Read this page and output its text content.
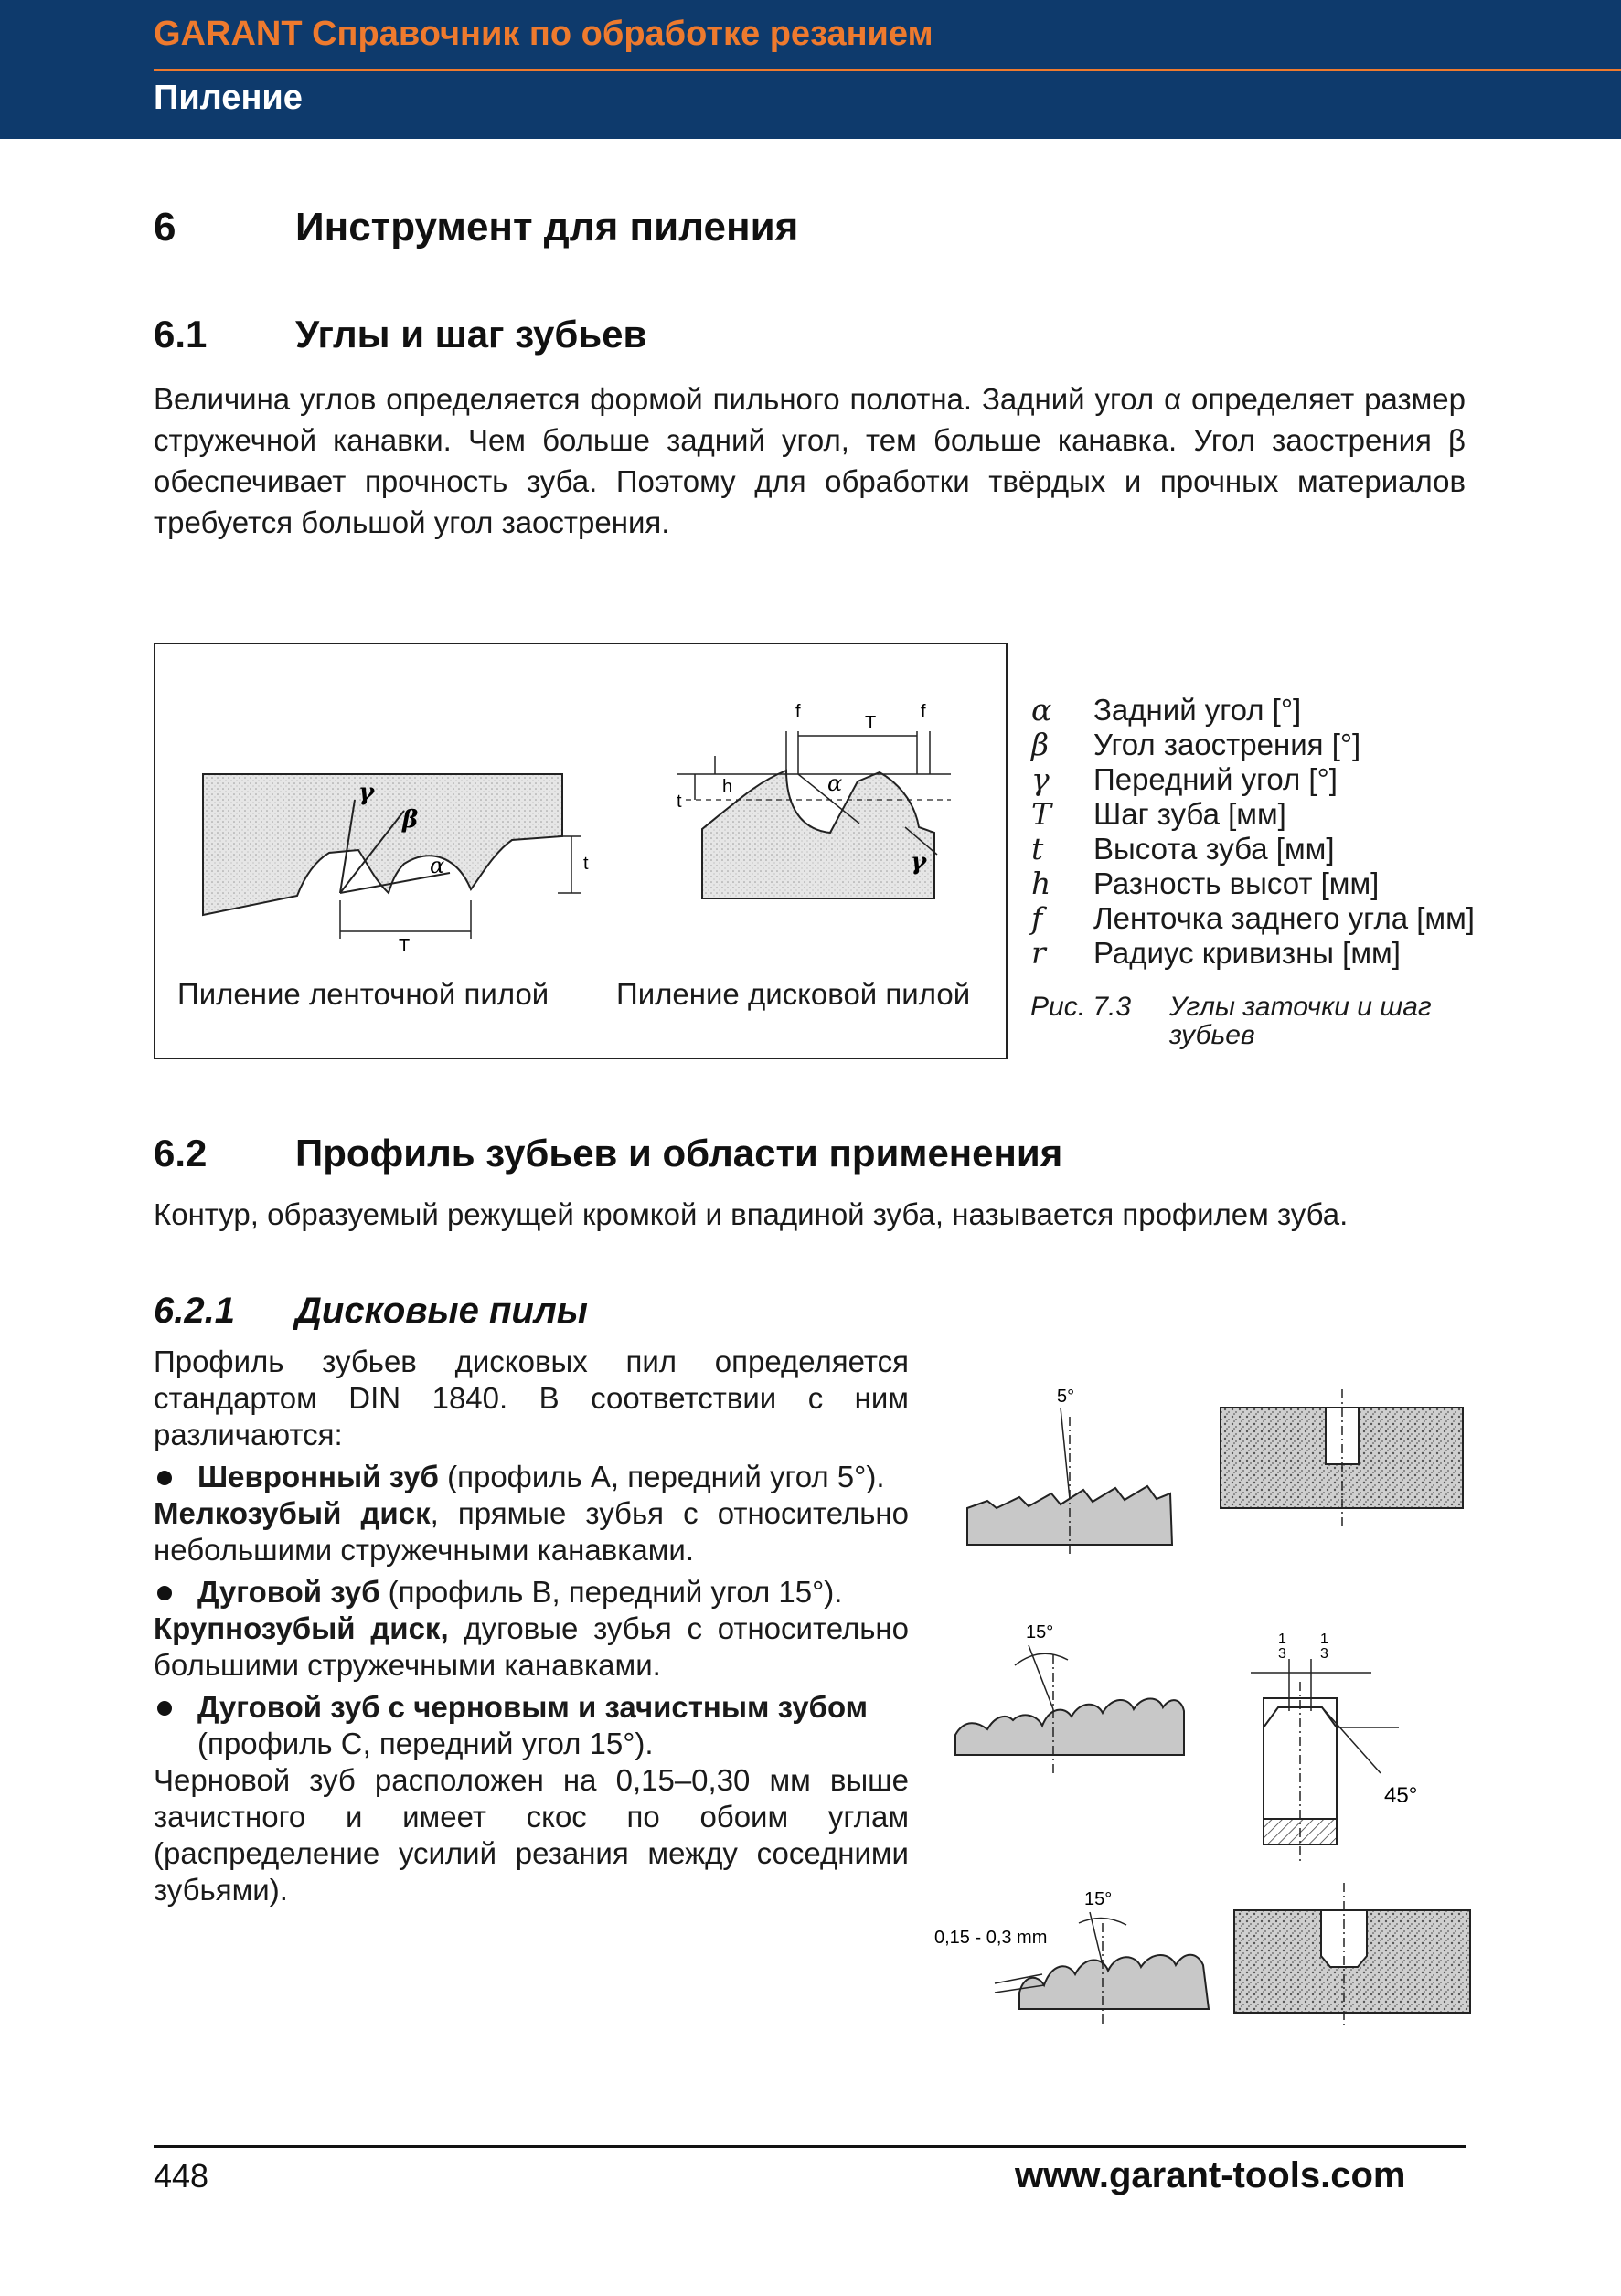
GARANT Справочник по обработке резанием
Пиление
6	Инструмент для пиления
6.1 Углы и шаг зубьев
Величина углов определяется формой пильного полотна. Задний угол α определяет размер стружечной канавки. Чем больше задний угол, тем больше канавка. Угол заострения β обеспечивает прочность зуба. Поэтому для обработки твёрдых и прочных материалов требуется большой угол заострения.
γ
β
α
T
t
f	f
T
h
t
α
γ
Пиление ленточной пилой Пиление дисковой пилой
α Задний угол [°]
β Угол заострения [°]
γ Передний угол [°]
T Шаг зуба [мм]
t Высота зуба [мм]
h Разность высот [мм]
f Ленточка заднего угла [мм]
r Радиус кривизны [мм]
Рис. 7.3 Углы заточки и шаг
зубьев
6.2 Профиль зубьев и области применения
Контур, образуемый режущей кромкой и впадиной зуба, называется профилем зуба.
6.2.1 Дисковые пилы

Профиль зубьев дисковых пил определяется стандартом DIN 1840. В соответствии с ним различаются:

Шевронный зуб (профиль A, передний угол 5°).

Мелкозубый диск, прямые зубья с относительно небольшими стружечными канавками.

Дуговой зуб (профиль B, передний угол 15°).

Крупнозубый диск, дуговые зубья с относительно большими стружечными канавками.

Дуговой зуб с черновым и зачистным зубом (профиль C, передний угол 15°).

Черновой зуб расположен на 0,15–0,30 мм выше зачистного и имеет скос по обоим углам (распределение усилий резания между соседними зубьями).

5°
15°	1
3
1
3
45°
15°
0,15 - 0,3 mm
448	www.garant-tools.com
